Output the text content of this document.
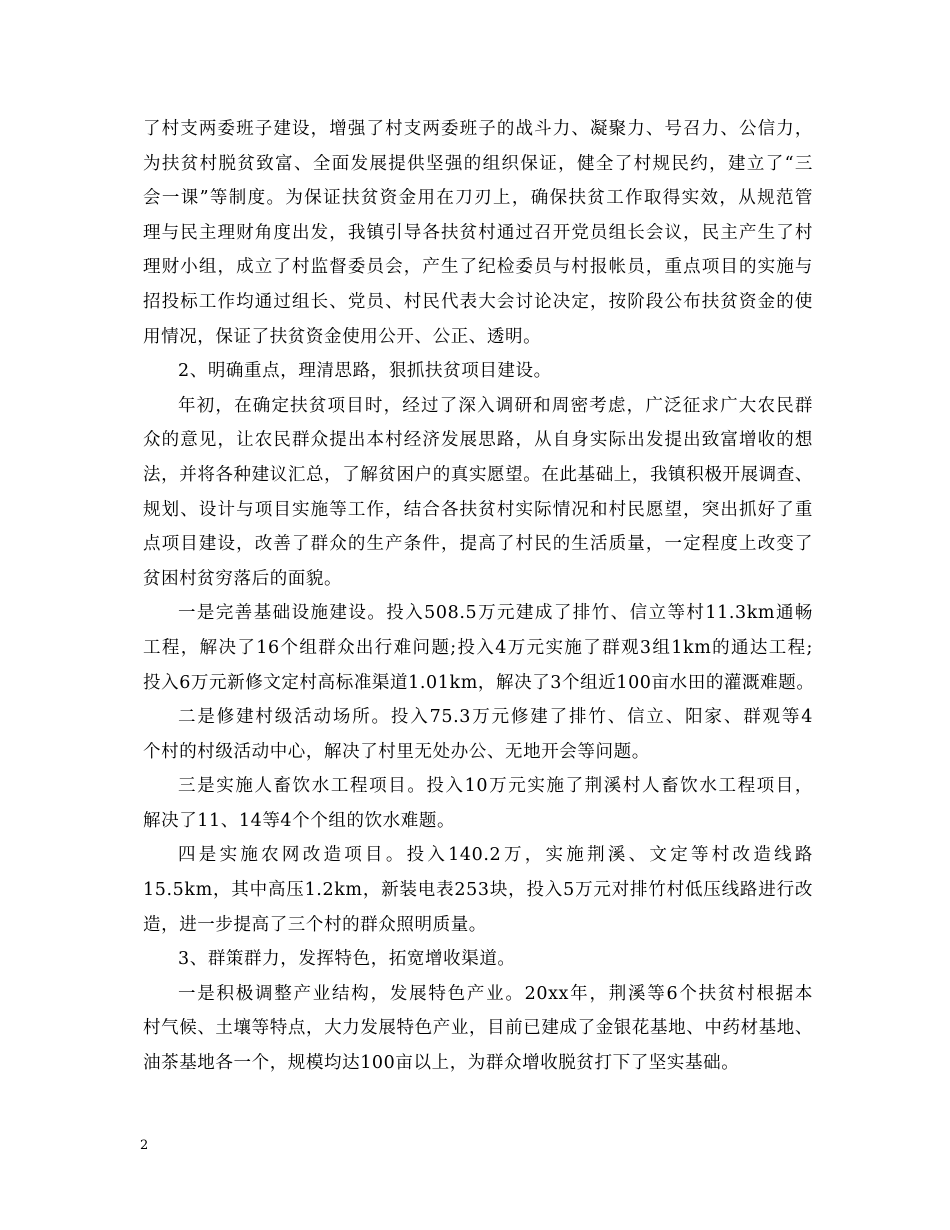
了村支两委班子建设，增强了村支两委班子的战斗力、凝聚力、号召力、公信力，
为扶贫村脱贫致富、全面发展提供坚强的组织保证，健全了村规民约，建立了“三
会一课”等制度。为保证扶贫资金用在刀刃上，确保扶贫工作取得实效，从规范管
理与民主理财角度出发，我镇引导各扶贫村通过召开党员组长会议，民主产生了村
理财小组，成立了村监督委员会，产生了纪检委员与村报帐员，重点项目的实施与
招投标工作均通过组长、党员、村民代表大会讨论决定，按阶段公布扶贫资金的使
用情况，保证了扶贫资金使用公开、公正、透明。
2、明确重点，理清思路，狠抓扶贫项目建设。
年初，在确定扶贫项目时，经过了深入调研和周密考虑，广泛征求广大农民群
众的意见，让农民群众提出本村经济发展思路，从自身实际出发提出致富增收的想
法，并将各种建议汇总，了解贫困户的真实愿望。在此基础上，我镇积极开展调查、
规划、设计与项目实施等工作，结合各扶贫村实际情况和村民愿望，突出抓好了重
点项目建设，改善了群众的生产条件，提高了村民的生活质量，一定程度上改变了
贫困村贫穷落后的面貌。
一是完善基础设施建设。投入508.5万元建成了排竹、信立等村11.3km通畅
工程，解决了16个组群众出行难问题;投入4万元实施了群观3组1km的通达工程;
投入6万元新修文定村高标准渠道1.01km，解决了3个组近100亩水田的灌溉难题。
二是修建村级活动场所。投入75.3万元修建了排竹、信立、阳家、群观等4
个村的村级活动中心，解决了村里无处办公、无地开会等问题。
三是实施人畜饮水工程项目。投入10万元实施了荆溪村人畜饮水工程项目，
解决了11、14等4个个组的饮水难题。
四是实施农网改造项目。投入140.2万，实施荆溪、文定等村改造线路
15.5km，其中高压1.2km，新装电表253块，投入5万元对排竹村低压线路进行改
造，进一步提高了三个村的群众照明质量。
3、群策群力，发挥特色，拓宽增收渠道。
一是积极调整产业结构，发展特色产业。20xx年，荆溪等6个扶贫村根据本
村气候、土壤等特点，大力发展特色产业，目前已建成了金银花基地、中药材基地、
油茶基地各一个，规模均达100亩以上，为群众增收脱贫打下了坚实基础。
2
